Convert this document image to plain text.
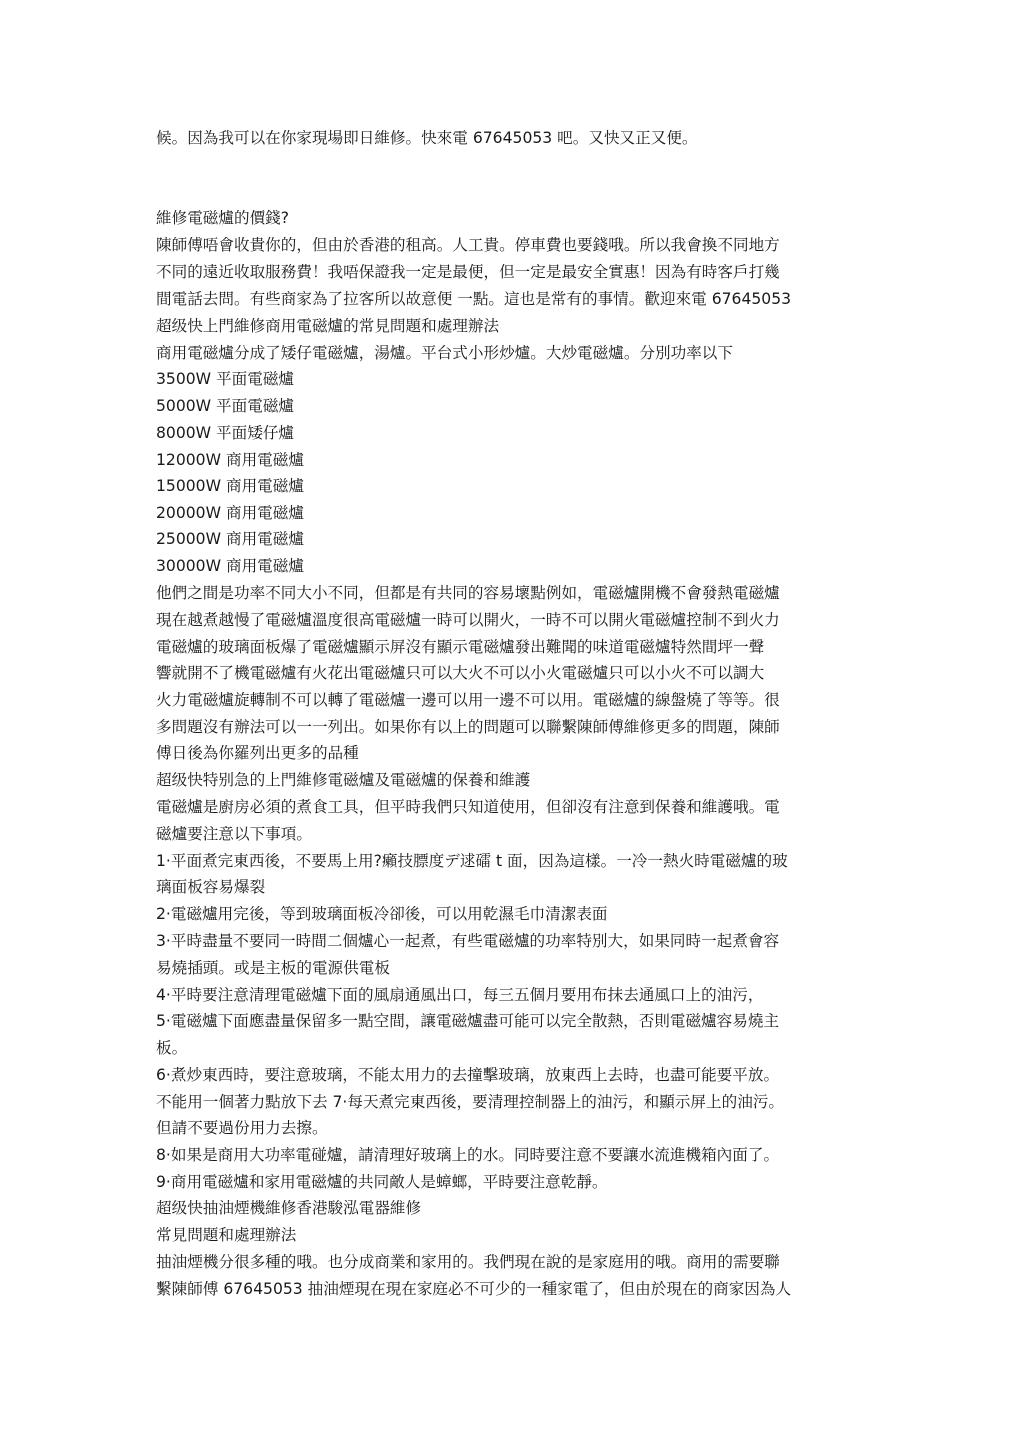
候。因為我可以在你家現場即日維修。快來電 67645053 吧。又快又正又便。

維修電磁爐的價錢?

陳師傅唔會收貴你的，但由於香港的租高。人工貴。停車費也要錢哦。所以我會換不同地方

不同的遠近收取服務費！我唔保證我一定是最便，但一定是最安全實惠！因為有時客戶打幾

間電話去問。有些商家為了拉客所以故意便 一點。這也是常有的事情。歡迎來電 67645053

超级快上門維修商用電磁爐的常見問題和處理辦法

商用電磁爐分成了矮仔電磁爐，湯爐。平台式小形炒爐。大炒電磁爐。分別功率以下

3500W 平面電磁爐

5000W 平面電磁爐

8000W 平面矮仔爐

12000W 商用電磁爐

15000W 商用電磁爐

20000W 商用電磁爐

25000W 商用電磁爐

30000W 商用電磁爐

他們之間是功率不同大小不同，但都是有共同的容易壞點例如，電磁爐開機不會發熱電磁爐

現在越煮越慢了電磁爐溫度很高電磁爐一時可以開火，一時不可以開火電磁爐控制不到火力

電磁爐的玻璃面板爆了電磁爐顯示屏沒有顯示電磁爐發出難聞的味道電磁爐特然間坪一聲

響就開不了機電磁爐有火花出電磁爐只可以大火不可以小火電磁爐只可以小火不可以調大

火力電磁爐旋轉制不可以轉了電磁爐一邊可以用一邊不可以用。電磁爐的線盤燒了等等。很

多問題沒有辦法可以一一列出。如果你有以上的問題可以聯繫陳師傅維修更多的問題，陳師

傅日後為你羅列出更多的品種

超级快特别急的上門維修電磁爐及電磁爐的保養和維護

電磁爐是廚房必須的煮食工具，但平時我們只知道使用，但卻沒有注意到保養和維護哦。電

磁爐要注意以下事項。

1·平面煮完東西後，不要馬上用?癩技膘度デ逑礌 t 面，因為這樣。一冷一熱火時電磁爐的玻

璃面板容易爆裂

2·電磁爐用完後，等到玻璃面板冷卻後，可以用乾濕毛巾清潔表面

3·平時盡量不要同一時間二個爐心一起煮，有些電磁爐的功率特別大，如果同時一起煮會容

易燒插頭。或是主板的電源供電板

4·平時要注意清理電磁爐下面的風扇通風出口，每三五個月要用布抹去通風口上的油污，

5·電磁爐下面應盡量保留多一點空間，讓電磁爐盡可能可以完全散熱，否則電磁爐容易燒主

板。

6·煮炒東西時，要注意玻璃，不能太用力的去撞擊玻璃，放東西上去時，也盡可能要平放。

不能用一個著力點放下去 7·每天煮完東西後，要清理控制器上的油污，和顯示屏上的油污。

但請不要過份用力去擦。

8·如果是商用大功率電碰爐，請清理好玻璃上的水。同時要注意不要讓水流進機箱內面了。

9·商用電磁爐和家用電磁爐的共同敵人是蟑螂，平時要注意乾靜。

超级快抽油煙機維修香港駿泓電器維修

常見問題和處理辦法

抽油煙機分很多種的哦。也分成商業和家用的。我們現在說的是家庭用的哦。商用的需要聯

繫陳師傅 67645053 抽油煙現在現在家庭必不可少的一種家電了，但由於現在的商家因為人
